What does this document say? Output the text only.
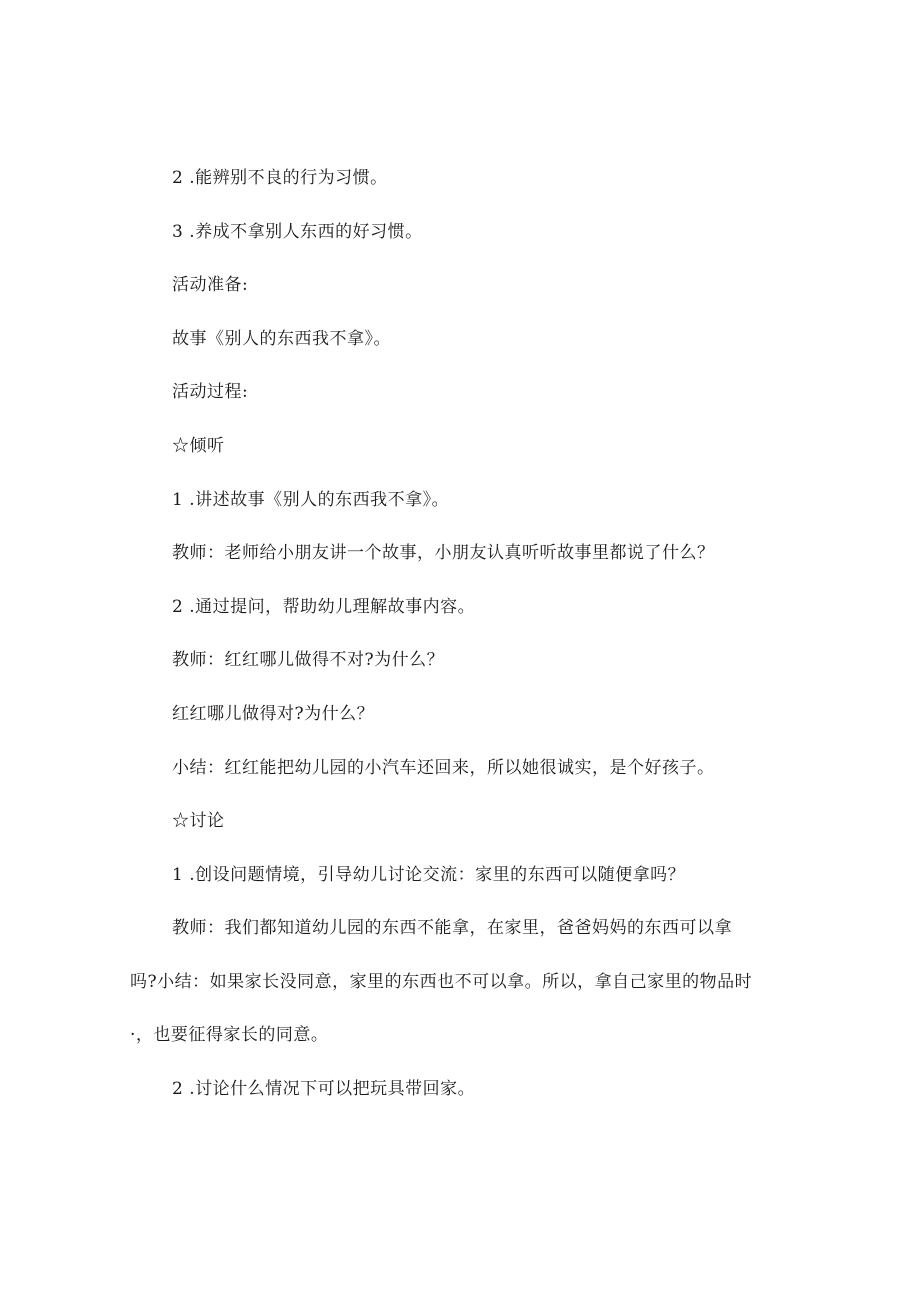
2 .能辨别不良的行为习惯。
3 .养成不拿别人东西的好习惯。
活动准备:
故事《别人的东西我不拿》。
活动过程:
☆倾听
1 .讲述故事《别人的东西我不拿》。
教师：老师给小朋友讲一个故事，小朋友认真听听故事里都说了什么？
2 .通过提问，帮助幼儿理解故事内容。
教师：红红哪儿做得不对?为什么？
红红哪儿做得对?为什么？
小结：红红能把幼儿园的小汽车还回来，所以她很诚实，是个好孩子。
☆讨论
1 .创设问题情境，引导幼儿讨论交流：家里的东西可以随便拿吗？
教师：我们都知道幼儿园的东西不能拿，在家里，爸爸妈妈的东西可以拿
吗?小结：如果家长没同意，家里的东西也不可以拿。所以，拿自己家里的物品时
·，也要征得家长的同意。
2 .讨论什么情况下可以把玩具带回家。
